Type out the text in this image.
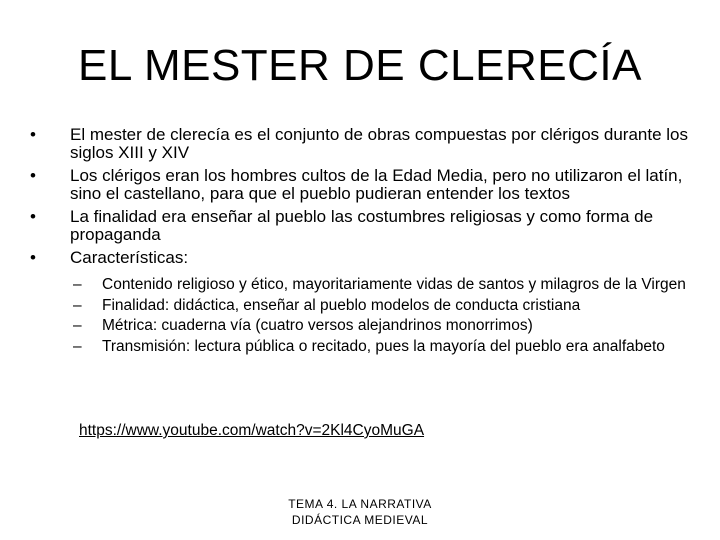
EL MESTER DE CLERECÍA
• El mester de clerecía es el conjunto de obras compuestas por clérigos durante los siglos XIII y XIV
• Los clérigos eran los hombres cultos de la Edad Media, pero no utilizaron el latín, sino el castellano, para que el pueblo pudieran entender los textos
• La finalidad era enseñar al pueblo las costumbres religiosas y como forma de propaganda
• Características:
– Contenido religioso y ético, mayoritariamente vidas de santos y milagros de la Virgen
– Finalidad: didáctica, enseñar al pueblo modelos de conducta cristiana
– Métrica: cuaderna vía (cuatro versos alejandrinos monorrimos)
– Transmisión: lectura pública o recitado, pues la mayoría del pueblo era analfabeto
https://www.youtube.com/watch?v=2Kl4CyoMuGA
TEMA 4. LA NARRATIVA
DIDÁCTICA MEDIEVAL
